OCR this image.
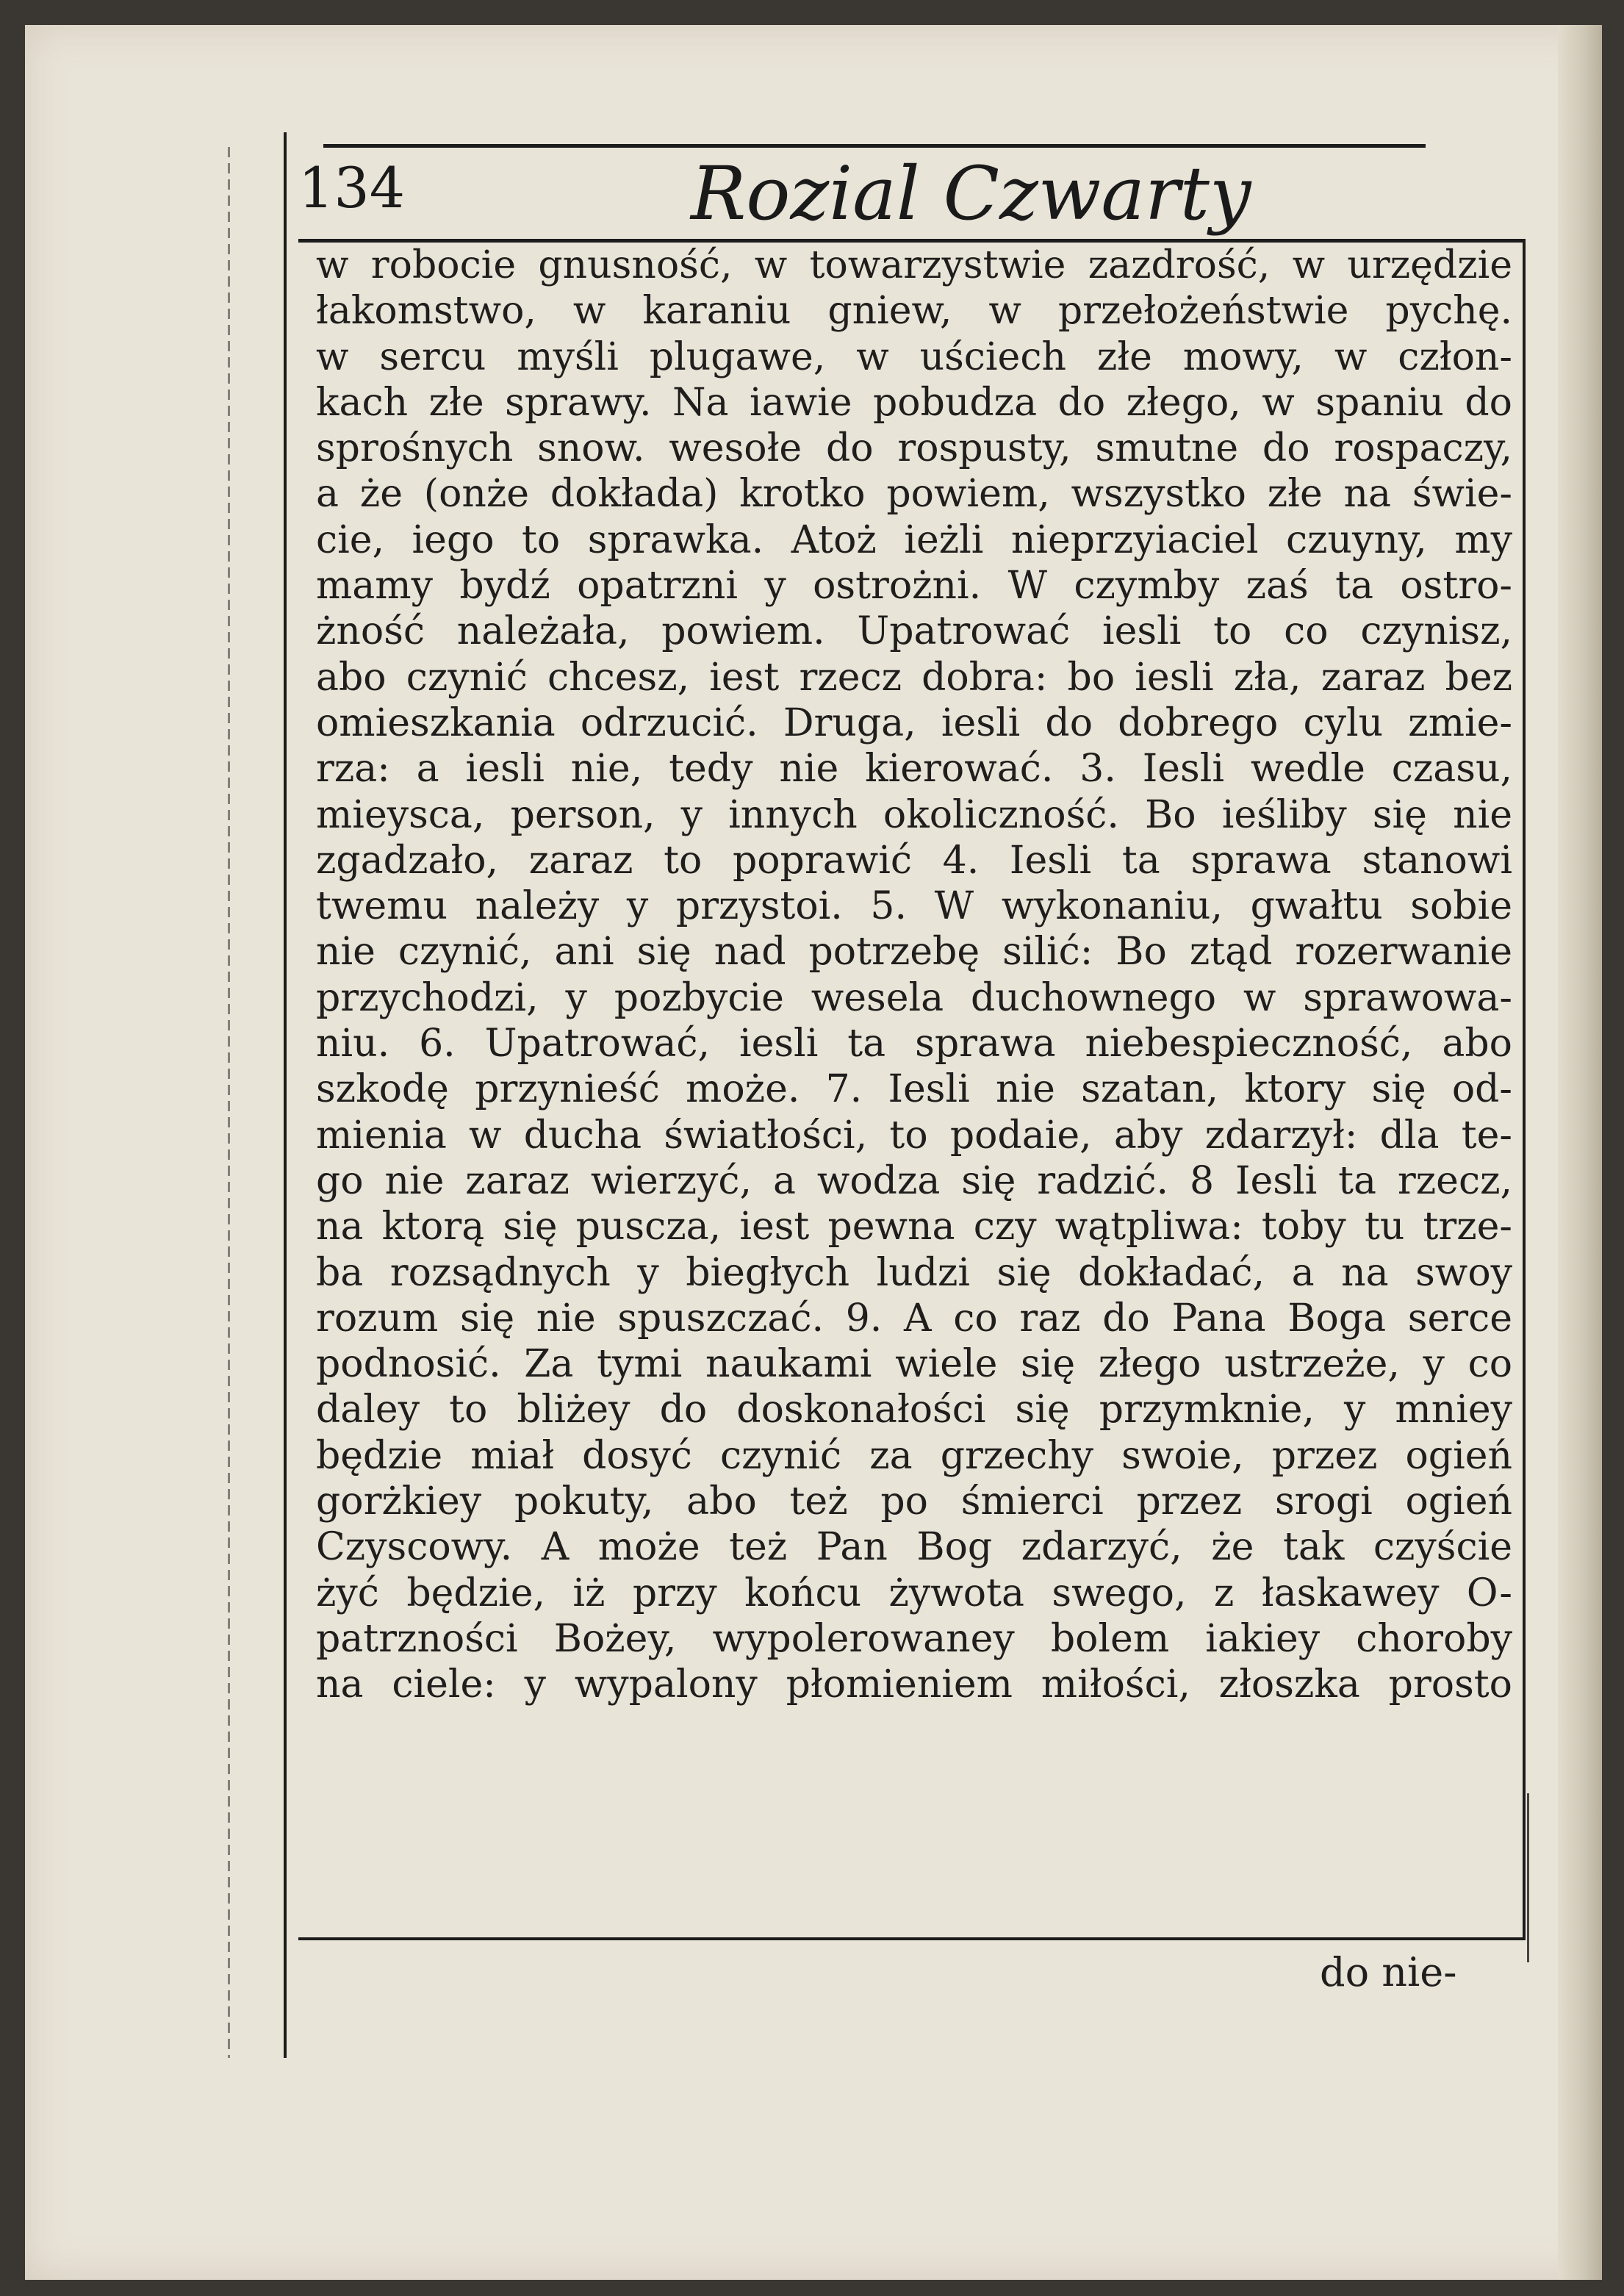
134	Rozial Czwarty
w robocie gnusność, w towarzystwie zazdrość, w urzędzie
łakomstwo, w karaniu gniew, w przełożeństwie pychę.
w sercu myśli plugawe, w uściech złe mowy, w człon-
kach złe sprawy. Na iawie pobudza do złego, w spaniu do
sprośnych snow. wesołe do rospusty, smutne do rospaczy,
a że (onże dokłada) krotko powiem, wszystko złe na świe-
cie, iego to sprawka. Atoż ieżli nieprzyiaciel czuyny, my
mamy bydź opatrzni y ostrożni. W czymby zaś ta ostro-
żność należała, powiem. Upatrować iesli to co czynisz,
abo czynić chcesz, iest rzecz dobra: bo iesli zła, zaraz bez
omieszkania odrzucić. Druga, iesli do dobrego cylu zmie-
rza: a iesli nie, tedy nie kierować. 3. Iesli wedle czasu,
mieysca, person, y innych okoliczność. Bo ieśliby się nie
zgadzało, zaraz to poprawić 4. Iesli ta sprawa stanowi
twemu należy y przystoi. 5. W wykonaniu, gwałtu sobie
nie czynić, ani się nad potrzebę silić: Bo ztąd rozerwanie
przychodzi, y pozbycie wesela duchownego w sprawowa-
niu. 6. Upatrować, iesli ta sprawa niebespieczność, abo
szkodę przynieść może. 7. Iesli nie szatan, ktory się od-
mienia w ducha światłości, to podaie, aby zdarzył: dla te-
go nie zaraz wierzyć, a wodza się radzić. 8 Iesli ta rzecz,
na ktorą się puscza, iest pewna czy wątpliwa: toby tu trze-
ba rozsądnych y biegłych ludzi się dokładać, a na swoy
rozum się nie spuszczać. 9. A co raz do Pana Boga serce
podnosić. Za tymi naukami wiele się złego ustrzeże, y co
daley to bliżey do doskonałości się przymknie, y mniey
będzie miał dosyć czynić za grzechy swoie, przez ogień
gorżkiey pokuty, abo też po śmierci przez srogi ogień
Czyscowy. A może też Pan Bog zdarzyć, że tak czyście
żyć będzie, iż przy końcu żywota swego, z łaskawey O-
patrzności Bożey, wypolerowaney bolem iakiey choroby
na ciele: y wypalony płomieniem miłości, złoszka prosto
do nie-
